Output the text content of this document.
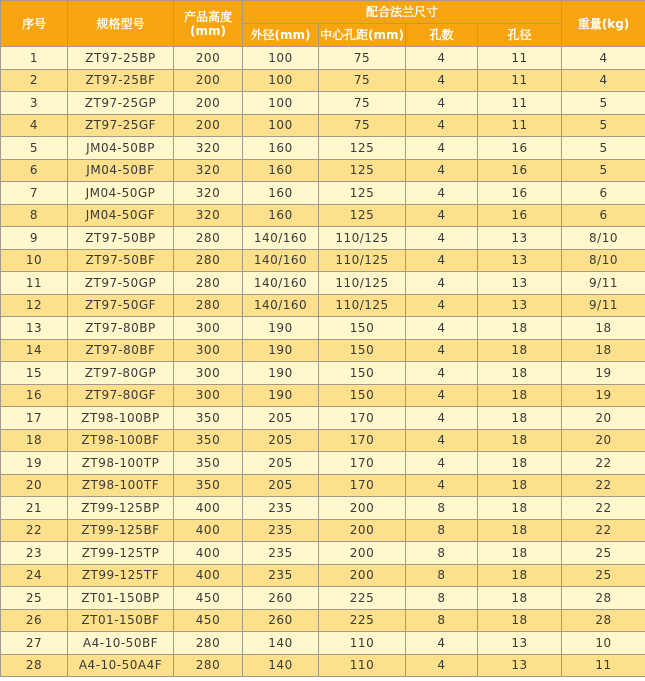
序号	规格型号	产品高度(mm)	配合法兰尺寸				重量(kg)
			外径(mm)	中心孔距(mm)	孔数	孔径	
1	ZT97-25BP	200	100	75	4	11	4
2	ZT97-25BF	200	100	75	4	11	4
3	ZT97-25GP	200	100	75	4	11	5
4	ZT97-25GF	200	100	75	4	11	5
5	JM04-50BP	320	160	125	4	16	5
6	JM04-50BF	320	160	125	4	16	5
7	JM04-50GP	320	160	125	4	16	6
8	JM04-50GF	320	160	125	4	16	6
9	ZT97-50BP	280	140/160	110/125	4	13	8/10
10	ZT97-50BF	280	140/160	110/125	4	13	8/10
11	ZT97-50GP	280	140/160	110/125	4	13	9/11
12	ZT97-50GF	280	140/160	110/125	4	13	9/11
13	ZT97-80BP	300	190	150	4	18	18
14	ZT97-80BF	300	190	150	4	18	18
15	ZT97-80GP	300	190	150	4	18	19
16	ZT97-80GF	300	190	150	4	18	19
17	ZT98-100BP	350	205	170	4	18	20
18	ZT98-100BF	350	205	170	4	18	20
19	ZT98-100TP	350	205	170	4	18	22
20	ZT98-100TF	350	205	170	4	18	22
21	ZT99-125BP	400	235	200	8	18	22
22	ZT99-125BF	400	235	200	8	18	22
23	ZT99-125TP	400	235	200	8	18	25
24	ZT99-125TF	400	235	200	8	18	25
25	ZT01-150BP	450	260	225	8	18	28
26	ZT01-150BF	450	260	225	8	18	28
27	A4-10-50BF	280	140	110	4	13	10
28	A4-10-50A4F	280	140	110	4	13	11
